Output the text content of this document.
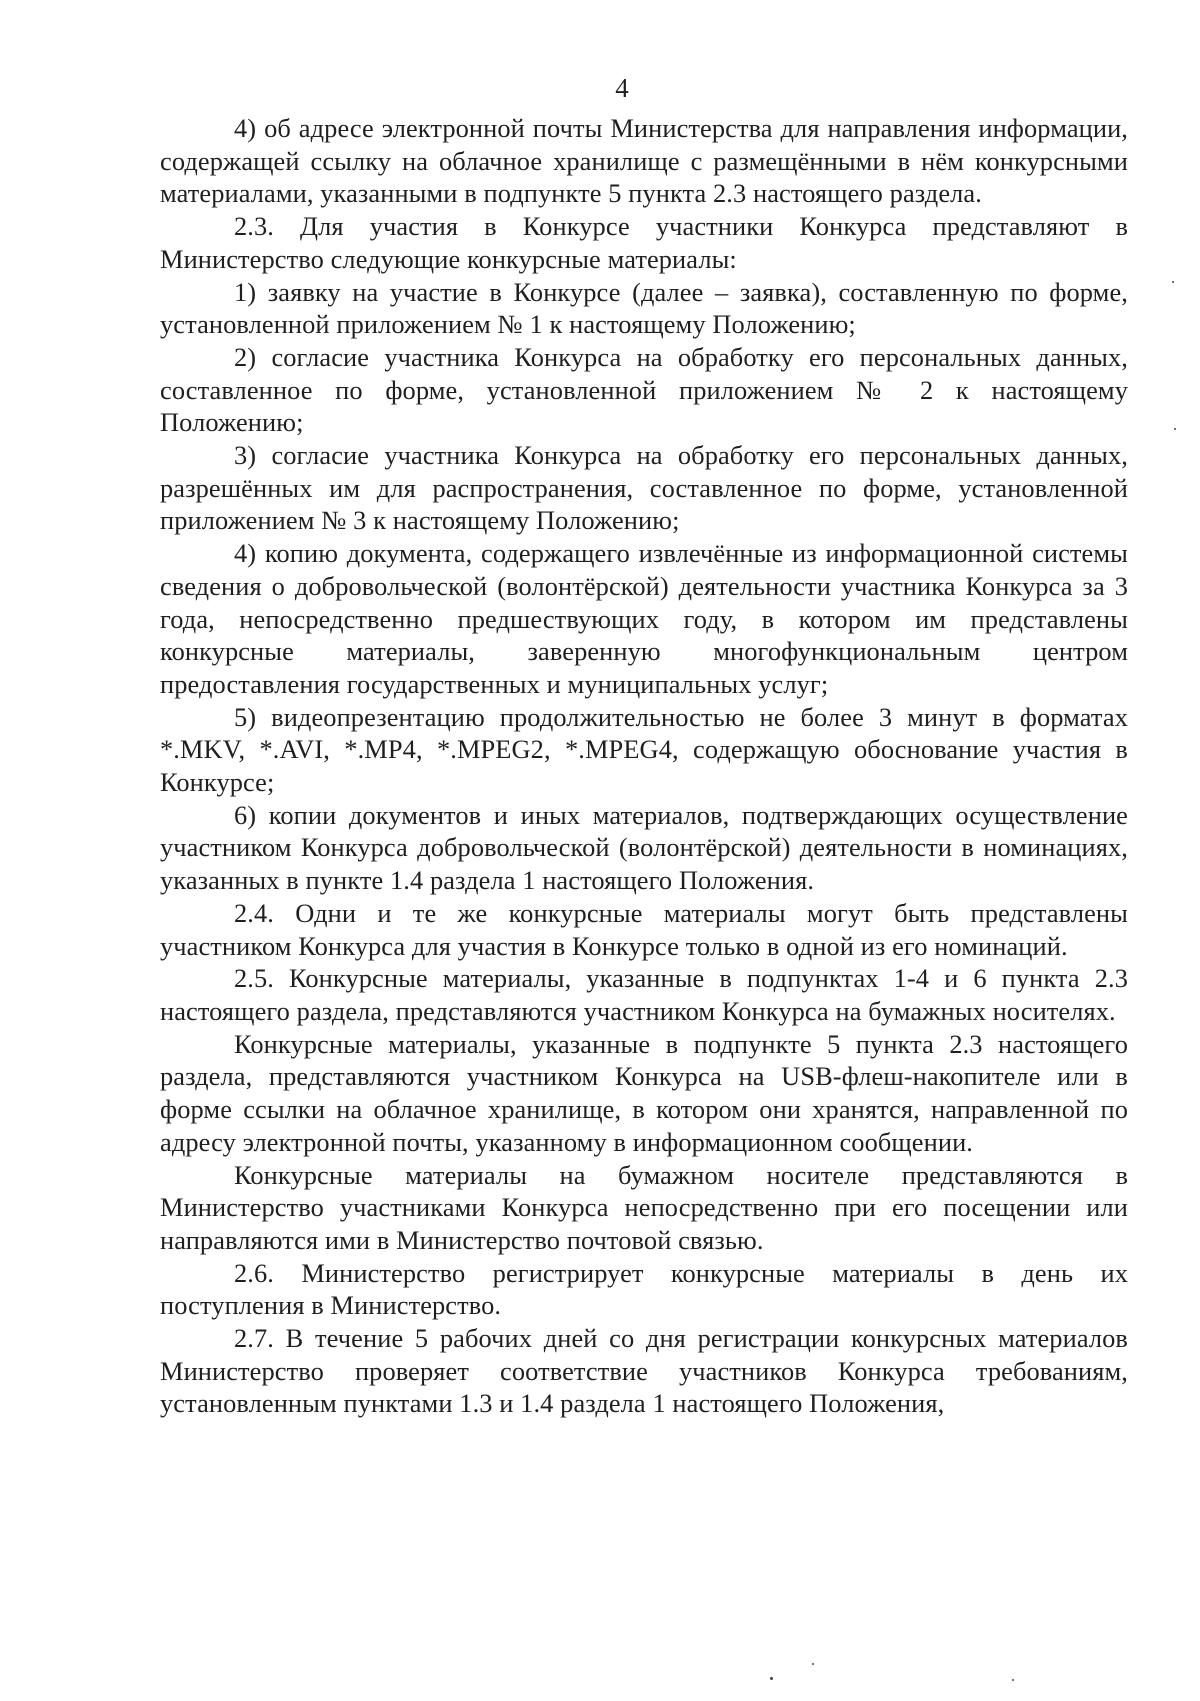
4

4) об адресе электронной почты Министерства для направления информации, содержащей ссылку на облачное хранилище с размещёнными в нём конкурсными материалами, указанными в подпункте 5 пункта 2.3 настоящего раздела.

2.3. Для участия в Конкурсе участники Конкурса представляют в Министерство следующие конкурсные материалы:

1) заявку на участие в Конкурсе (далее – заявка), составленную по форме, установленной приложением № 1 к настоящему Положению;

2) согласие участника Конкурса на обработку его персональных данных, составленное по форме, установленной приложением № 2 к настоящему Положению;

3) согласие участника Конкурса на обработку его персональных данных, разрешённых им для распространения, составленное по форме, установленной приложением № 3 к настоящему Положению;

4) копию документа, содержащего извлечённые из информационной системы сведения о добровольческой (волонтёрской) деятельности участника Конкурса за 3 года, непосредственно предшествующих году, в котором им представлены конкурсные материалы, заверенную многофункциональным центром предоставления государственных и муниципальных услуг;

5) видеопрезентацию продолжительностью не более 3 минут в форматах *.MKV, *.AVI, *.MP4, *.MPEG2, *.MPEG4, содержащую обоснование участия в Конкурсе;

6) копии документов и иных материалов, подтверждающих осуществление участником Конкурса добровольческой (волонтёрской) деятельности в номинациях, указанных в пункте 1.4 раздела 1 настоящего Положения.

2.4. Одни и те же конкурсные материалы могут быть представлены участником Конкурса для участия в Конкурсе только в одной из его номинаций.

2.5. Конкурсные материалы, указанные в подпунктах 1-4 и 6 пункта 2.3 настоящего раздела, представляются участником Конкурса на бумажных носителях.

Конкурсные материалы, указанные в подпункте 5 пункта 2.3 настоящего раздела, представляются участником Конкурса на USB-флеш-накопителе или в форме ссылки на облачное хранилище, в котором они хранятся, направленной по адресу электронной почты, указанному в информационном сообщении.

Конкурсные материалы на бумажном носителе представляются в Министерство участниками Конкурса непосредственно при его посещении или направляются ими в Министерство почтовой связью.

2.6. Министерство регистрирует конкурсные материалы в день их поступления в Министерство.

2.7. В течение 5 рабочих дней со дня регистрации конкурсных материалов Министерство проверяет соответствие участников Конкурса требованиям, установленным пунктами 1.3 и 1.4 раздела 1 настоящего Положения,
